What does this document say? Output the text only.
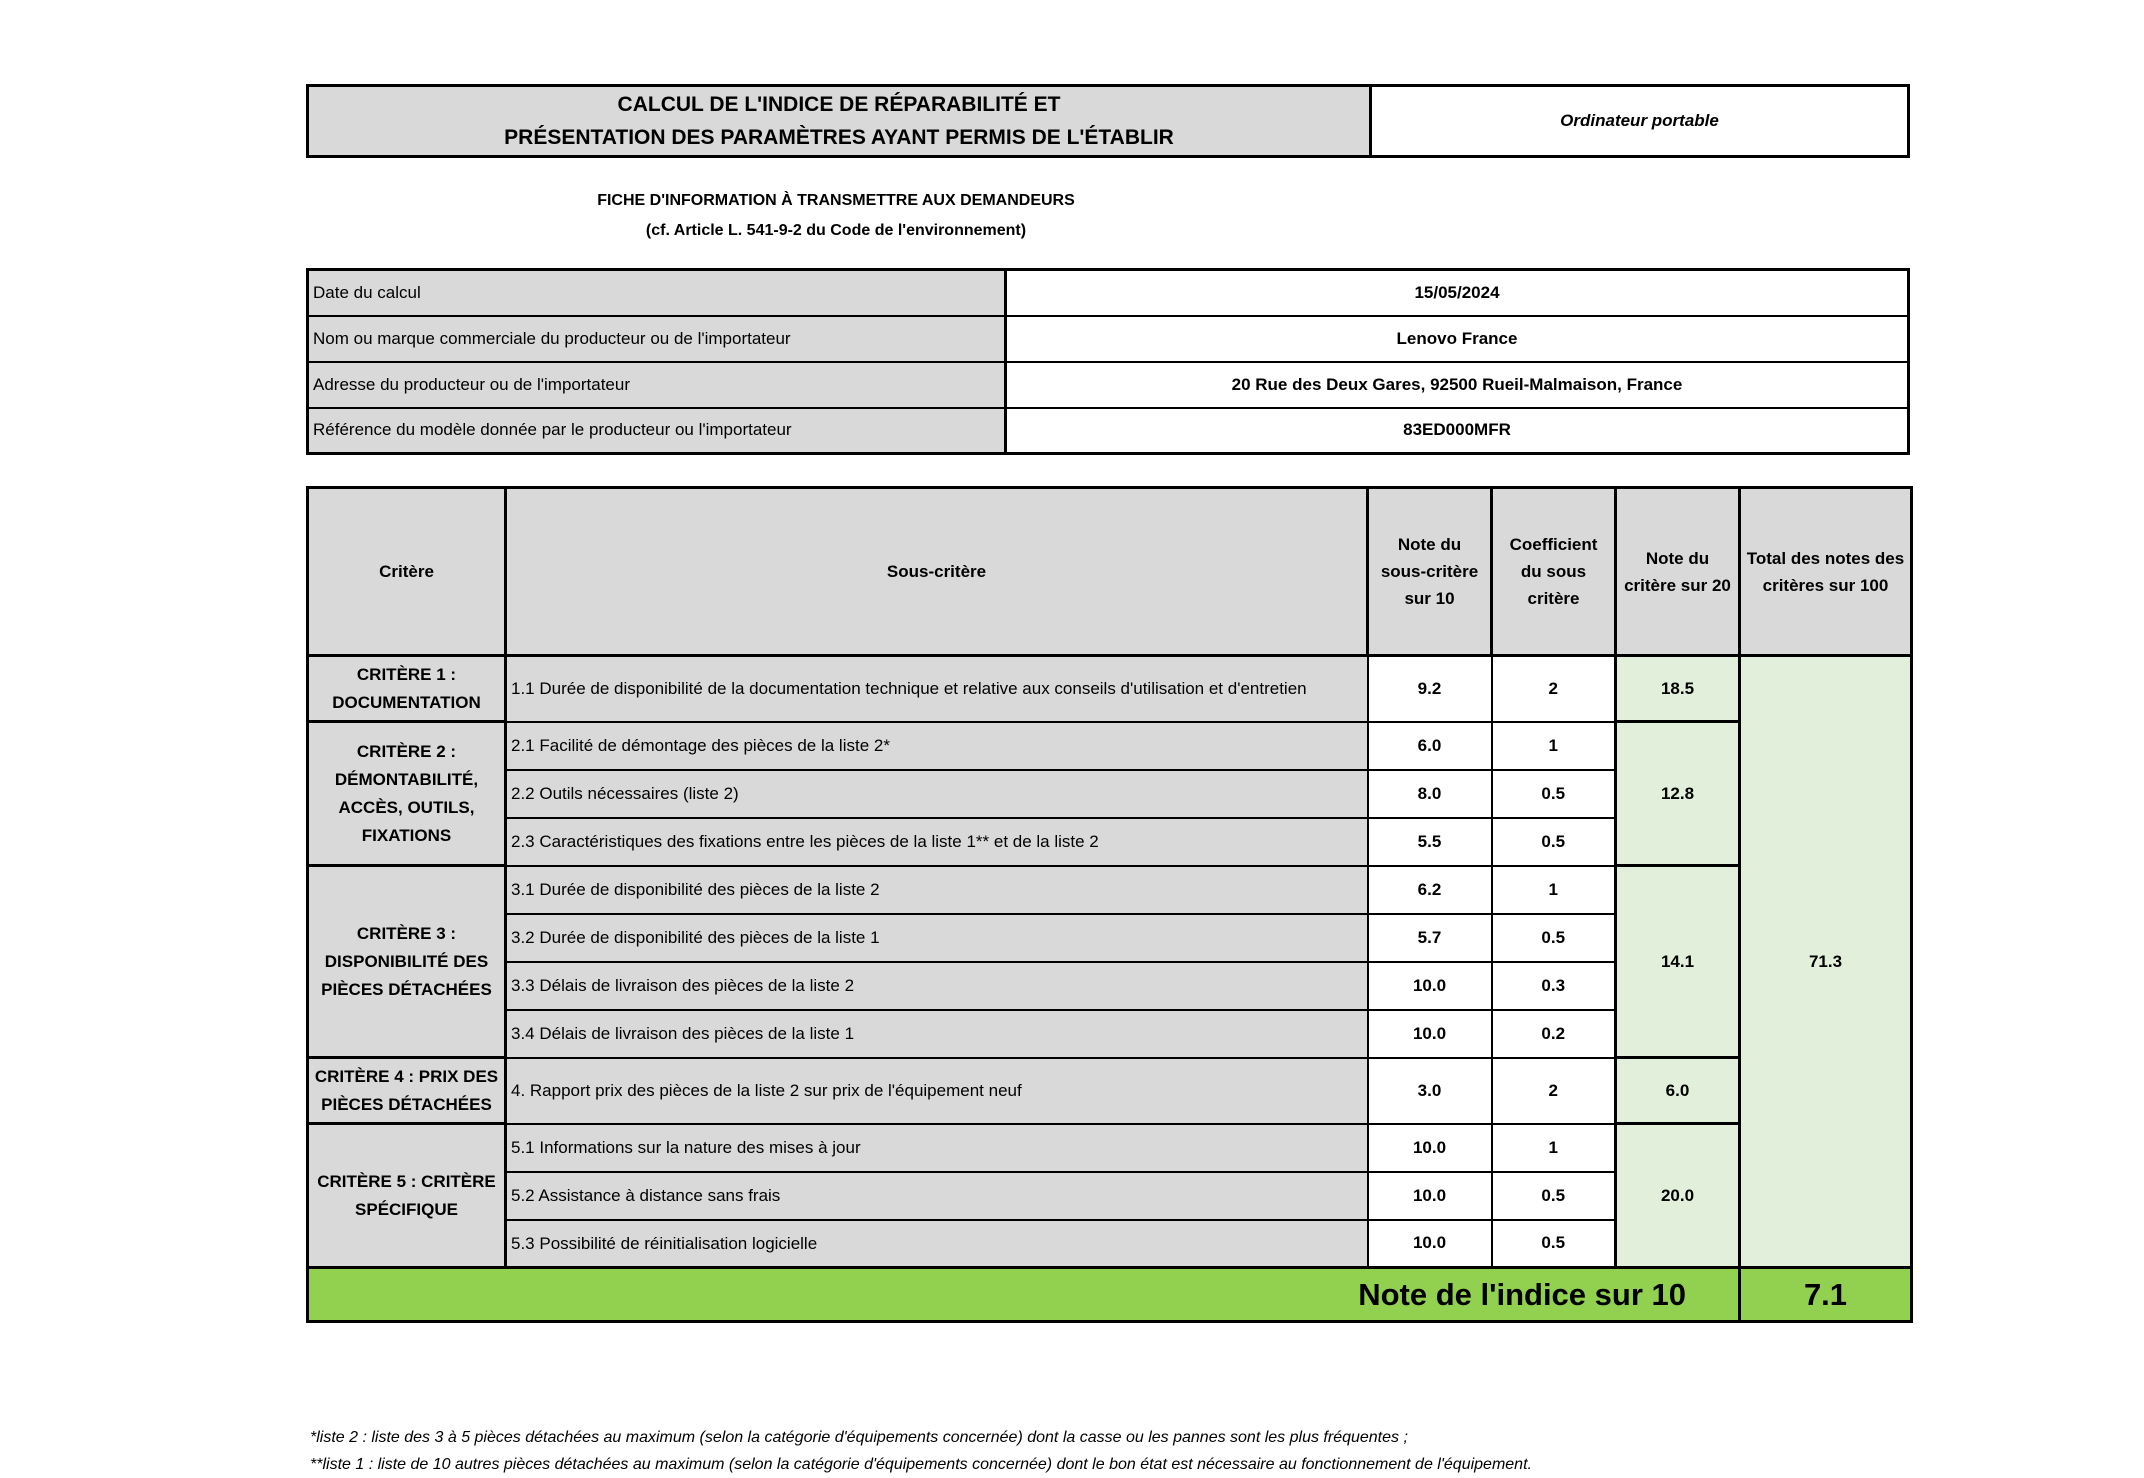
CALCUL DE L'INDICE DE RÉPARABILITÉ ET
PRÉSENTATION DES PARAMÈTRES AYANT PERMIS DE L'ÉTABLIR
Ordinateur portable
FICHE D'INFORMATION À TRANSMETTRE AUX DEMANDEURS
(cf. Article L. 541-9-2 du Code de l'environnement)
Date du calcul	15/05/2024
Nom ou marque commerciale du producteur ou de l'importateur	Lenovo France
Adresse du producteur ou de l'importateur	20 Rue des Deux Gares, 92500 Rueil-Malmaison, France
Référence du modèle donnée par le producteur ou l'importateur	83ED000MFR
Critère	Sous-critère	Note du sous-critère sur 10	Coefficient du sous critère	Note du critère sur 20	Total des notes des critères sur 100
CRITÈRE 1 : DOCUMENTATION	1.1 Durée de disponibilité de la documentation technique et relative aux conseils d'utilisation et d'entretien	9.2	2	18.5	71.3
CRITÈRE 2 : DÉMONTABILITÉ, ACCÈS, OUTILS, FIXATIONS	2.1 Facilité de démontage des pièces de la liste 2*	6.0	1	12.8	
	2.2 Outils nécessaires (liste 2)	8.0	0.5		
	2.3 Caractéristiques des fixations entre les pièces de la liste 1** et de la liste 2	5.5	0.5		
CRITÈRE 3 : DISPONIBILITÉ DES PIÈCES DÉTACHÉES	3.1 Durée de disponibilité des pièces de la liste 2	6.2	1	14.1	
	3.2 Durée de disponibilité des pièces de la liste 1	5.7	0.5		
	3.3 Délais de livraison des pièces de la liste 2	10.0	0.3		
	3.4 Délais de livraison des pièces de la liste 1	10.0	0.2		
CRITÈRE 4 : PRIX DES PIÈCES DÉTACHÉES	4. Rapport prix des pièces de la liste 2 sur prix de l'équipement neuf	3.0	2	6.0	
CRITÈRE 5 : CRITÈRE SPÉCIFIQUE	5.1 Informations sur la nature des mises à jour	10.0	1	20.0	
	5.2 Assistance à distance sans frais	10.0	0.5		
	5.3 Possibilité de réinitialisation logicielle	10.0	0.5		
Note de l'indice sur 10					7.1
*liste 2 : liste des 3 à 5 pièces détachées au maximum (selon la catégorie d'équipements concernée) dont la casse ou les pannes sont les plus fréquentes ;
**liste 1 : liste de 10 autres pièces détachées au maximum (selon la catégorie d'équipements concernée) dont le bon état est nécessaire au fonctionnement de l'équipement.
